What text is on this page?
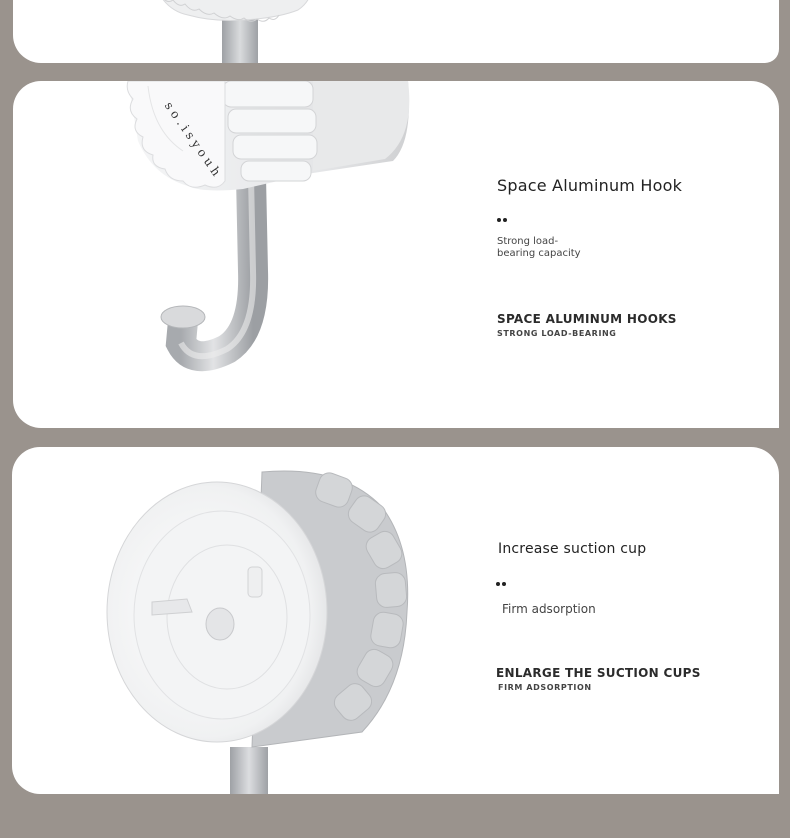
s o . i s y o u h
Space Aluminum Hook
Strong load-
bearing capacity
SPACE ALUMINUM HOOKS
STRONG LOAD-BEARING
Increase suction cup
Firm adsorption
ENLARGE THE SUCTION CUPS
FIRM ADSORPTION
